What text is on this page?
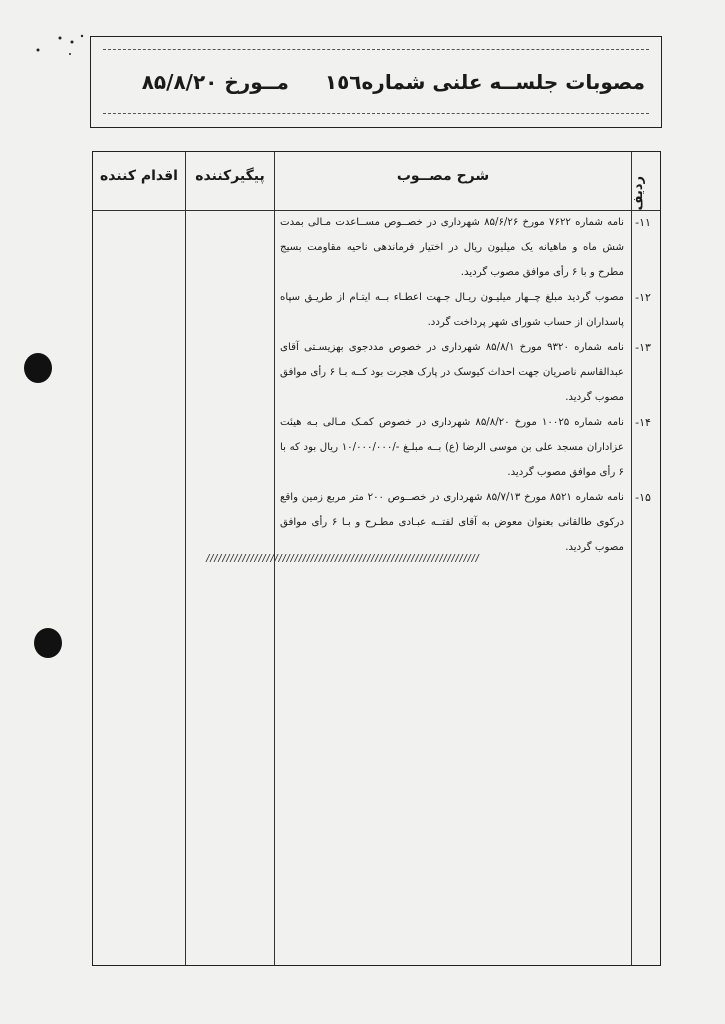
مصوبات جلســه علنی شماره۱٥٦
مــورخ ۸۵/۸/۲۰
ردیف
شرح مصــوب
پیگیرکننده
اقدام کننده
-۱۱
نامه شماره ۷۶۲۲ مورخ ۸۵/۶/۲۶ شهرداری در خصــوص مســاعدت مـالی بمدت شش ماه و ماهیانه یک میلیون ریال در اختیار فرماندهی ناحیه مقاومت بسیج مطرح و با ۶ رأی موافق مصوب گردید.
-۱۲
مصوب گردید مبلغ چــهار میلیـون ریـال جـهت اعطـاء بــه ایتـام از طریـق سپاه پاسداران از حساب شورای شهر پرداخت گردد.
-۱۳
نامه شماره ۹۳۲۰ مورخ ۸۵/۸/۱ شهرداری در خصوص مددجوی بهزیسـتی آقای عبدالقاسم ناصریان جهت احداث کیوسک در پارک هجرت بود کــه بـا ۶ رأی موافق مصوب گردید.
-۱۴
نامه شماره ۱۰۰۲۵ مورخ ۸۵/۸/۲۰ شهرداری در خصوص کمـک مـالی بـه هیئت عزاداران مسجد علی بن موسی الرضا (ع) بــه مبلـغ -/۱۰/۰۰۰/۰۰۰ ریال بود که با ۶ رأی موافق مصوب گردید.
-۱۵
نامه شماره ۸۵۲۱ مورخ ۸۵/۷/۱۳ شهرداری در خصــوص ۲۰۰ متر مربع زمین واقع درکوی طالقانی بعنوان معوض به آقای لفتــه عبـادی مطـرح و بـا ۶ رأی موافق مصوب گردید.
////////////////////////////////////////////////////////////////////
